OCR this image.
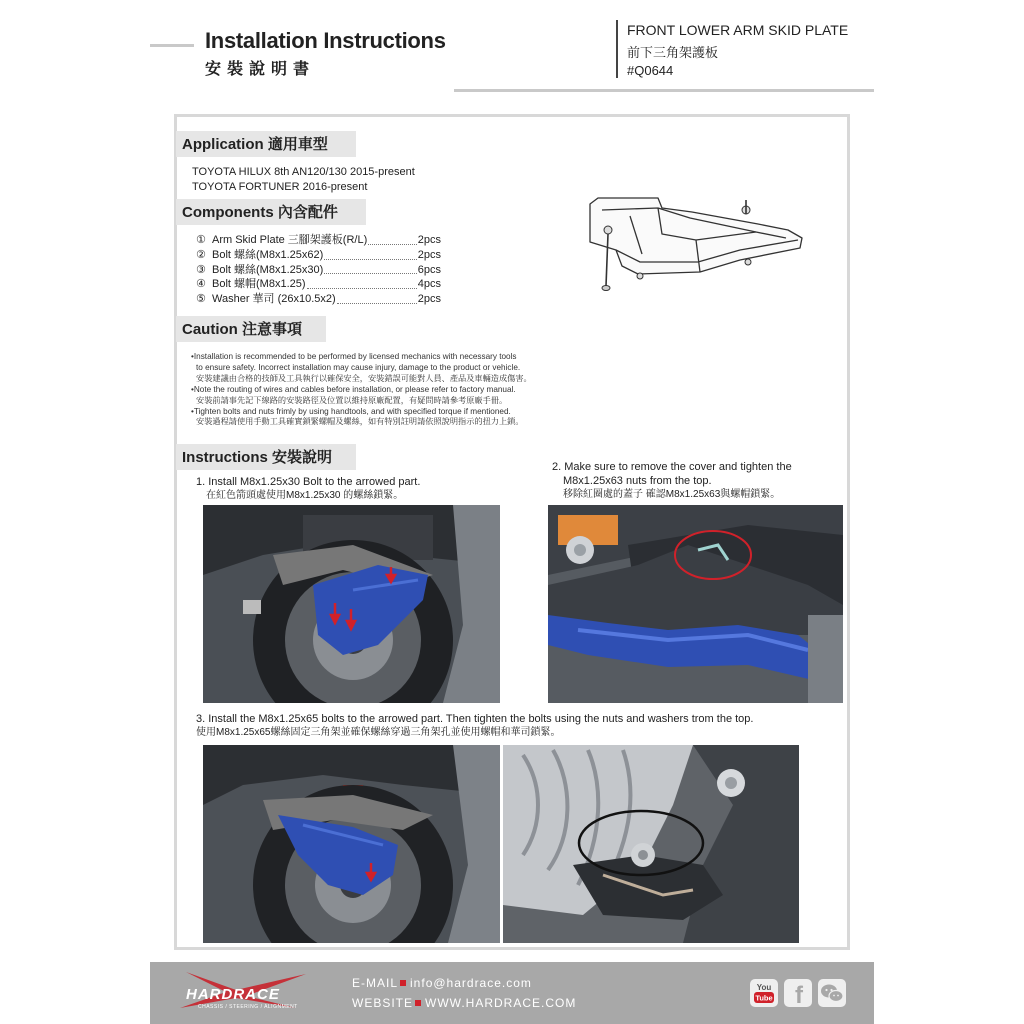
Installation Instructions
安裝說明書
FRONT LOWER ARM SKID PLATE
前下三角架護板
#Q0644
Application 適用車型
TOYOTA HILUX 8th AN120/130 2015-present
TOYOTA FORTUNER 2016-present
Components 內含配件
① Arm Skid Plate 三腳架護板(R/L)	2pcs
② Bolt 螺絲(M8x1.25x62)	2pcs
③ Bolt 螺絲(M8x1.25x30)	6pcs
④ Bolt 螺帽(M8x1.25)	4pcs
⑤ Washer 華司 (26x10.5x2)	2pcs
Caution 注意事項
•Installation is recommended to be performed by licensed mechanics with necessary tools
to ensure safety. Incorrect installation may cause injury, damage to the product or vehicle.
安裝建議由合格的技師及工具執行以確保安全，安裝錯誤可能對人員、產品及車輛造成傷害。
•Note the routing of wires and cables before installation, or please refer to factory manual.
安裝前請事先記下線路的安裝路徑及位置以維持原廠配置，有疑問時請參考原廠手冊。
•Tighten bolts and nuts frimly by using handtools, and with specified torque if mentioned.
安裝過程請使用手動工具確實鎖緊螺帽及螺絲，如有特別註明請依照說明指示的扭力上鎖。
Instructions 安裝說明
1. Install M8x1.25x30 Bolt to the arrowed part.
在紅色箭頭處使用M8x1.25x30 的螺絲鎖緊。
2. Make sure to remove the cover and tighten the
M8x1.25x63 nuts from the top.
移除紅圈處的蓋子 確認M8x1.25x63與螺帽鎖緊。
3. Install the M8x1.25x65 bolts to the arrowed part. Then tighten the bolts using the nuts and washers trom the top.
使用M8x1.25x65螺絲固定三角架並確保螺絲穿過三角架孔並使用螺帽和華司鎖緊。
HARDRACE
CHASSIS / STEERING / ALIGNMENT
E-MAIL info@hardrace.com
WEBSITE WWW.HARDRACE.COM
You
Tube f
